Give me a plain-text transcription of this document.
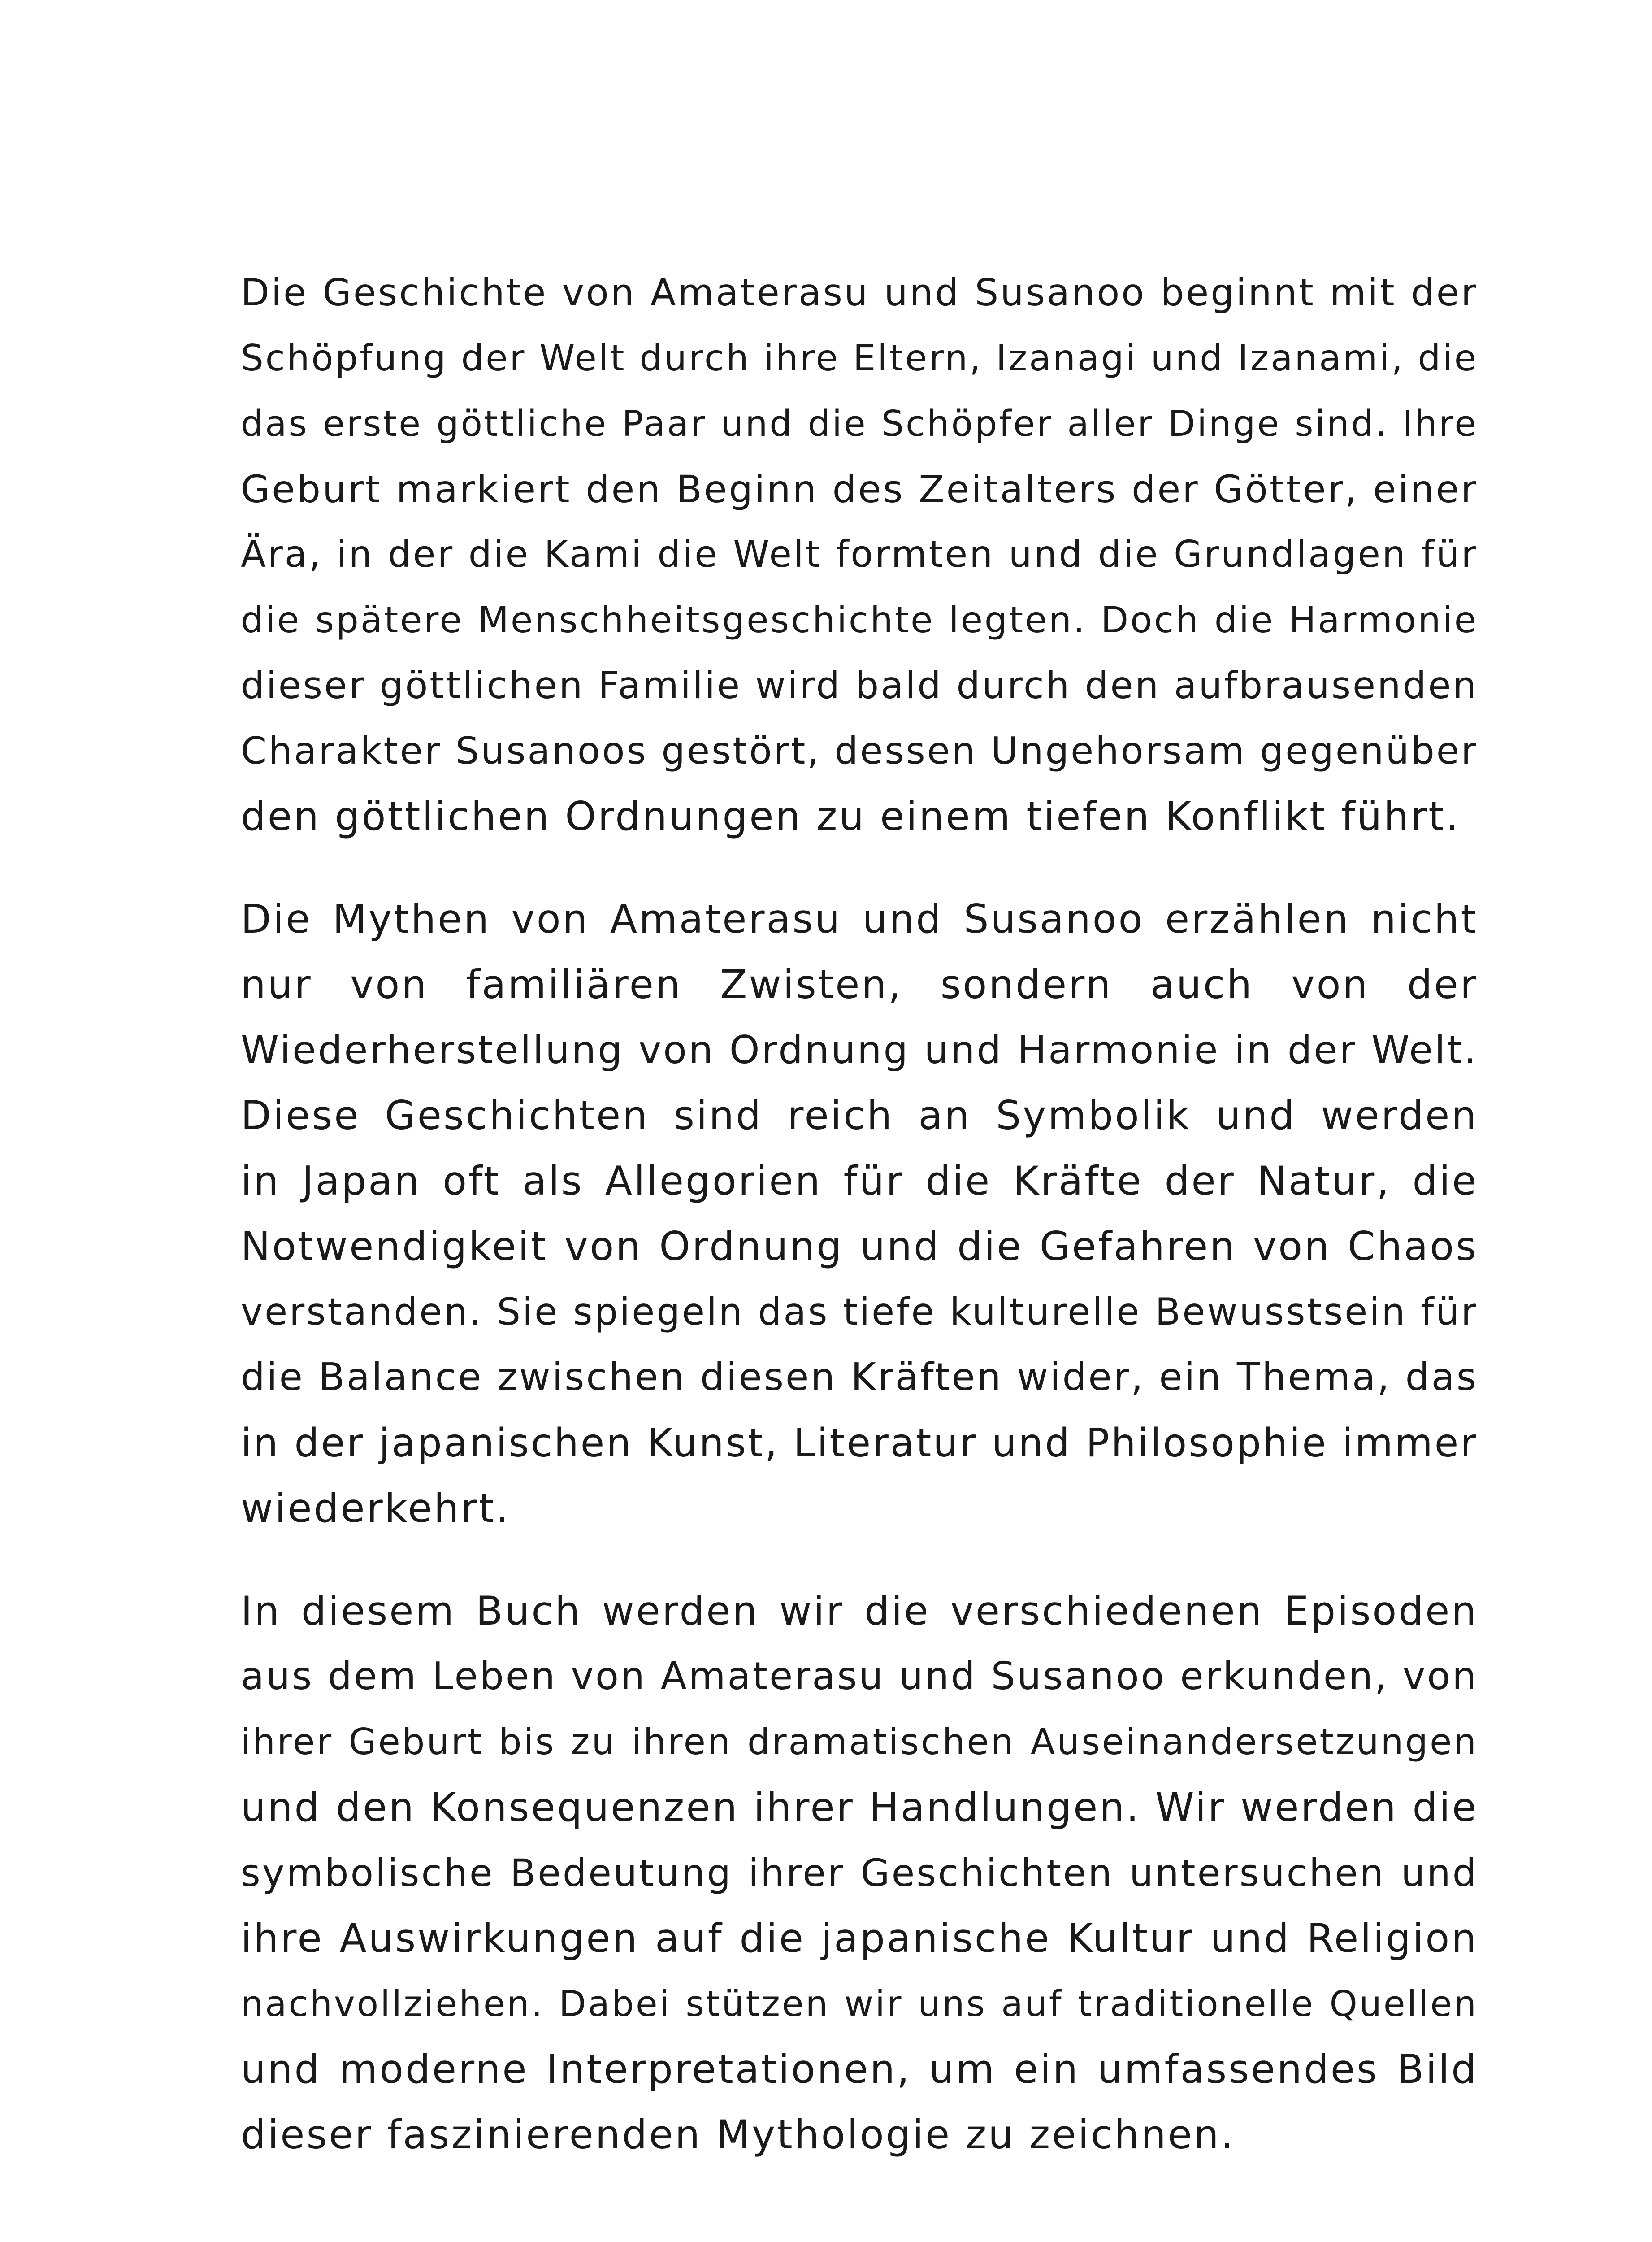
Die Geschichte von Amaterasu und Susanoo beginnt mit der
Schöpfung der Welt durch ihre Eltern, Izanagi und Izanami, die
das erste göttliche Paar und die Schöpfer aller Dinge sind. Ihre
Geburt markiert den Beginn des Zeitalters der Götter, einer
Ära, in der die Kami die Welt formten und die Grundlagen für
die spätere Menschheitsgeschichte legten. Doch die Harmonie
dieser göttlichen Familie wird bald durch den aufbrausenden
Charakter Susanoos gestört, dessen Ungehorsam gegenüber
den göttlichen Ordnungen zu einem tiefen Konflikt führt.

Die Mythen von Amaterasu und Susanoo erzählen nicht
nur von familiären Zwisten, sondern auch von der
Wiederherstellung von Ordnung und Harmonie in der Welt.
Diese Geschichten sind reich an Symbolik und werden
in Japan oft als Allegorien für die Kräfte der Natur, die
Notwendigkeit von Ordnung und die Gefahren von Chaos
verstanden. Sie spiegeln das tiefe kulturelle Bewusstsein für
die Balance zwischen diesen Kräften wider, ein Thema, das
in der japanischen Kunst, Literatur und Philosophie immer
wiederkehrt.

In diesem Buch werden wir die verschiedenen Episoden
aus dem Leben von Amaterasu und Susanoo erkunden, von
ihrer Geburt bis zu ihren dramatischen Auseinandersetzungen
und den Konsequenzen ihrer Handlungen. Wir werden die
symbolische Bedeutung ihrer Geschichten untersuchen und
ihre Auswirkungen auf die japanische Kultur und Religion
nachvollziehen. Dabei stützen wir uns auf traditionelle Quellen
und moderne Interpretationen, um ein umfassendes Bild
dieser faszinierenden Mythologie zu zeichnen.
